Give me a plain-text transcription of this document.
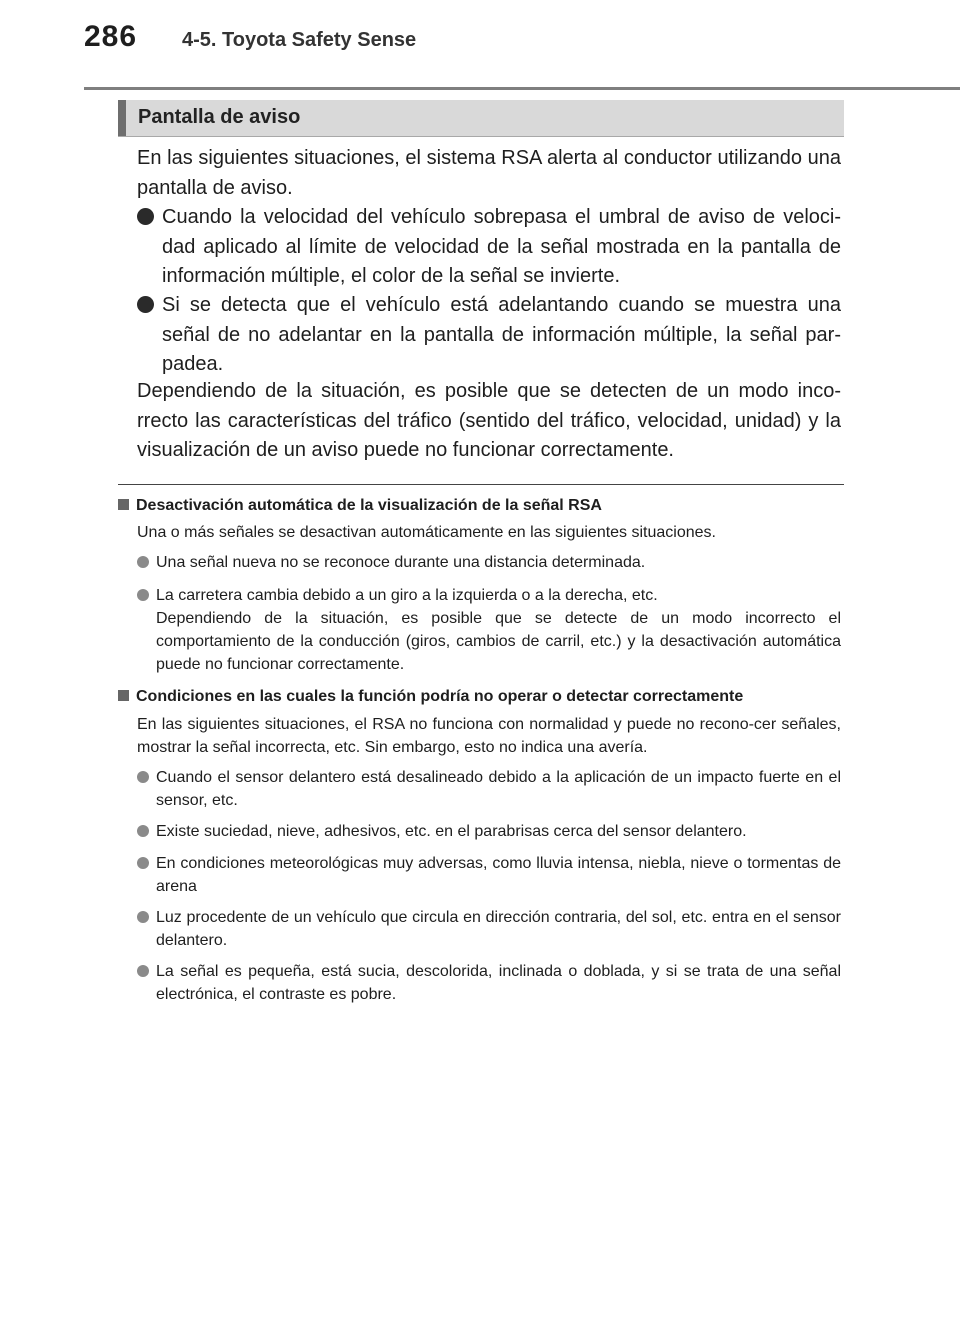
286 4-5. Toyota Safety Sense
Pantalla de aviso
En las siguientes situaciones, el sistema RSA alerta al conductor utilizando una pantalla de aviso.
Cuando la velocidad del vehículo sobrepasa el umbral de aviso de veloci-dad aplicado al límite de velocidad de la señal mostrada en la pantalla de información múltiple, el color de la señal se invierte.
Si se detecta que el vehículo está adelantando cuando se muestra una señal de no adelantar en la pantalla de información múltiple, la señal par-padea.
Dependiendo de la situación, es posible que se detecten de un modo inco-rrecto las características del tráfico (sentido del tráfico, velocidad, unidad) y la visualización de un aviso puede no funcionar correctamente.
Desactivación automática de la visualización de la señal RSA
Una o más señales se desactivan automáticamente en las siguientes situaciones.
Una señal nueva no se reconoce durante una distancia determinada.
La carretera cambia debido a un giro a la izquierda o a la derecha, etc.
Dependiendo de la situación, es posible que se detecte de un modo incorrecto el comportamiento de la conducción (giros, cambios de carril, etc.) y la desactivación automática puede no funcionar correctamente.
Condiciones en las cuales la función podría no operar o detectar correctamente
En las siguientes situaciones, el RSA no funciona con normalidad y puede no recono-cer señales, mostrar la señal incorrecta, etc. Sin embargo, esto no indica una avería.
Cuando el sensor delantero está desalineado debido a la aplicación de un impacto fuerte en el sensor, etc.
Existe suciedad, nieve, adhesivos, etc. en el parabrisas cerca del sensor delantero.
En condiciones meteorológicas muy adversas, como lluvia intensa, niebla, nieve o tormentas de arena
Luz procedente de un vehículo que circula en dirección contraria, del sol, etc. entra en el sensor delantero.
La señal es pequeña, está sucia, descolorida, inclinada o doblada, y si se trata de una señal electrónica, el contraste es pobre.
